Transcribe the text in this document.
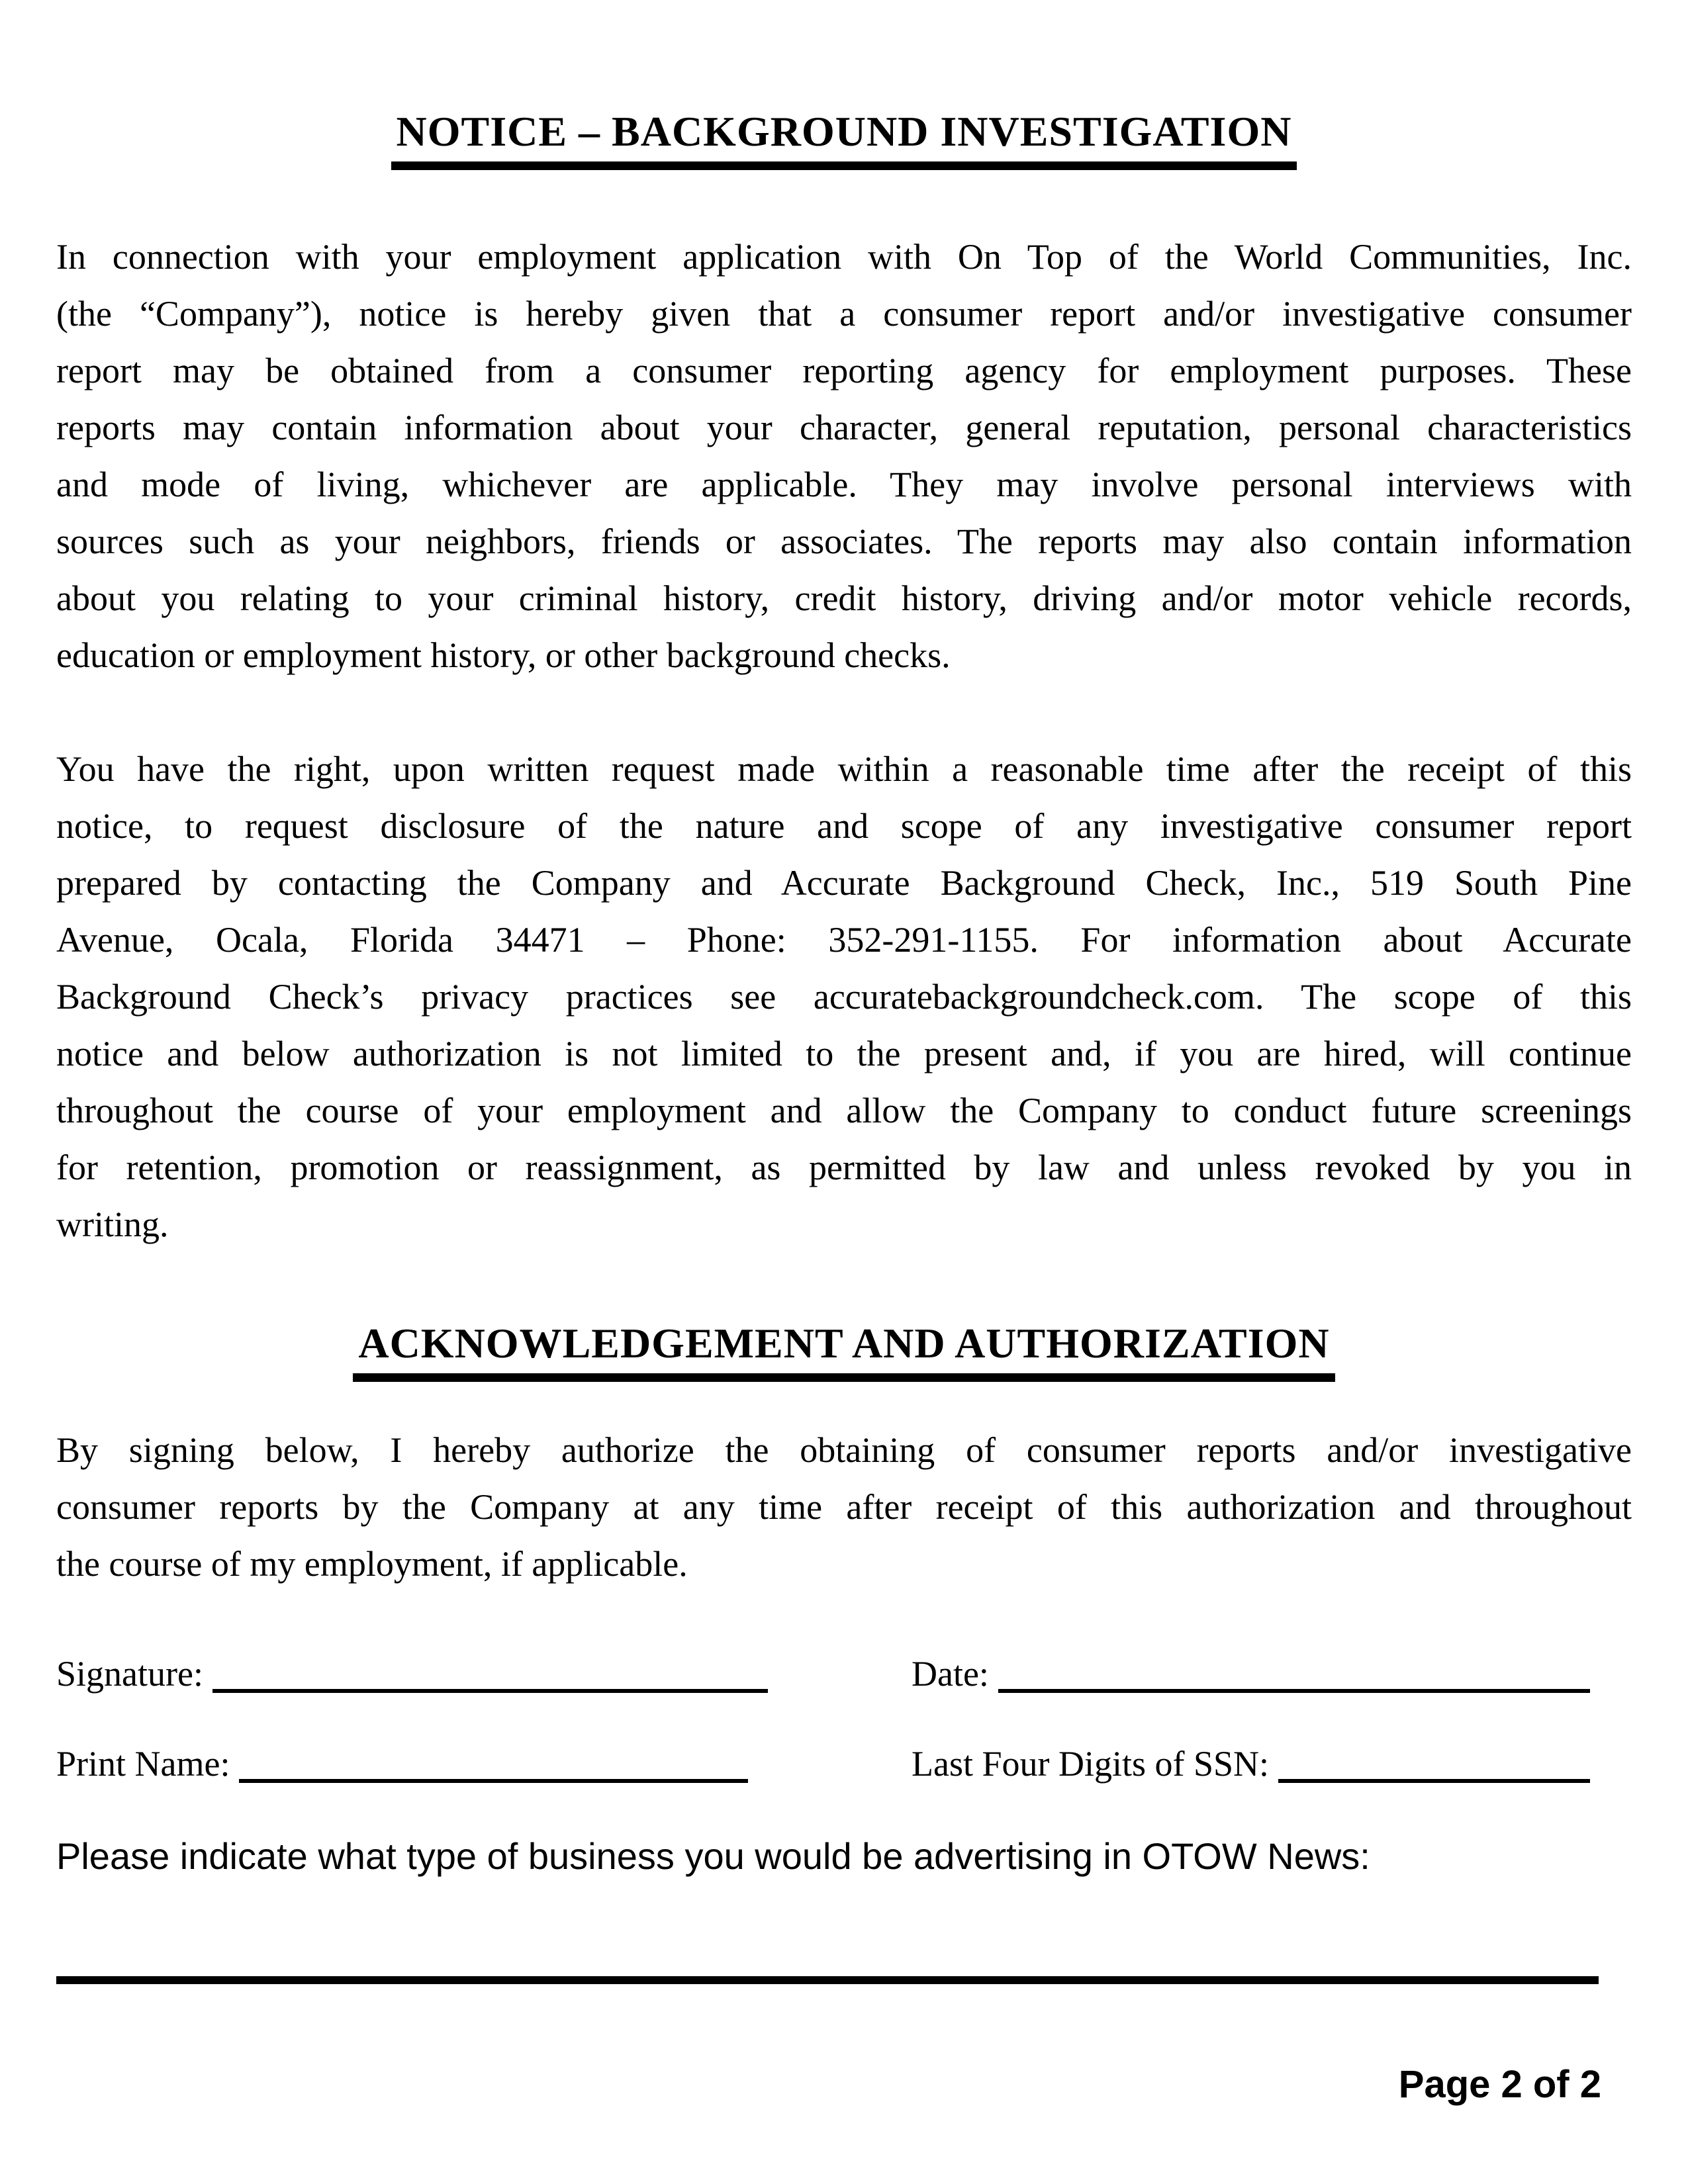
NOTICE – BACKGROUND INVESTIGATION
In connection with your employment application with On Top of the World Communities, Inc.
(the “Company”), notice is hereby given that a consumer report and/or investigative consumer
report may be obtained from a consumer reporting agency for employment purposes. These
reports may contain information about your character, general reputation, personal characteristics
and mode of living, whichever are applicable. They may involve personal interviews with
sources such as your neighbors, friends or associates. The reports may also contain information
about you relating to your criminal history, credit history, driving and/or motor vehicle records,
education or employment history, or other background checks.
You have the right, upon written request made within a reasonable time after the receipt of this
notice, to request disclosure of the nature and scope of any investigative consumer report
prepared by contacting the Company and Accurate Background Check, Inc., 519 South Pine
Avenue, Ocala, Florida 34471 – Phone: 352-291-1155. For information about Accurate
Background Check’s privacy practices see accuratebackgroundcheck.com. The scope of this
notice and below authorization is not limited to the present and, if you are hired, will continue
throughout the course of your employment and allow the Company to conduct future screenings
for retention, promotion or reassignment, as permitted by law and unless revoked by you in
writing.
ACKNOWLEDGEMENT AND AUTHORIZATION
By signing below, I hereby authorize the obtaining of consumer reports and/or investigative
consumer reports by the Company at any time after receipt of this authorization and throughout
the course of my employment, if applicable.
Signature:	Date:
Print Name:	Last Four Digits of SSN:
Please indicate what type of business you would be advertising in OTOW News:
Page 2 of 2
